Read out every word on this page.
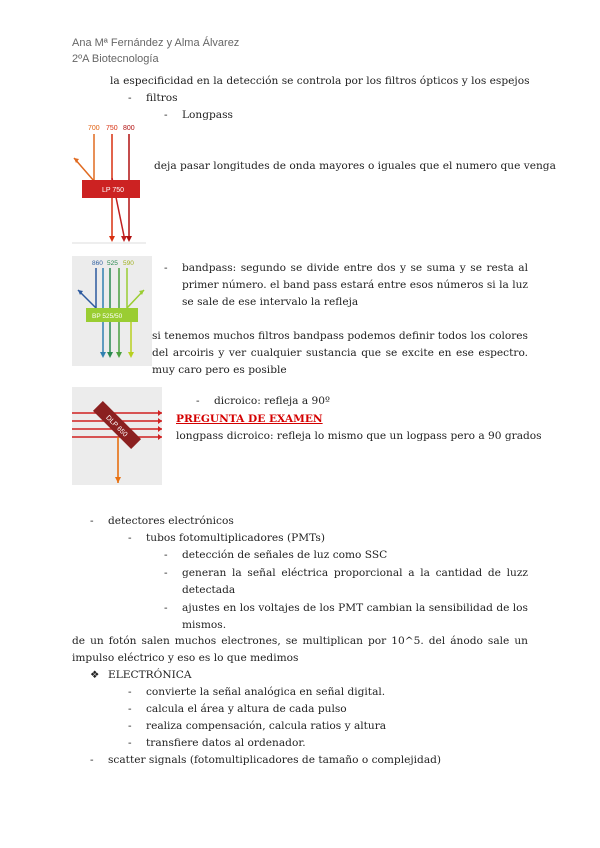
Ana Mª Fernández y Alma Álvarez
2ºA Biotecnología
la especificidad en la detección se controla por los filtros ópticos y los espejos
- filtros
- Longpass
700 750 800
LP 750
deja pasar longitudes de onda mayores o iguales que el numero que venga
860 525 590
BP 525/50
- bandpass: segundo se divide entre dos y se suma y se resta al primer número. el band pass estará entre esos números si la luz se sale de ese intervalo la refleja
si tenemos muchos filtros bandpass podemos definir todos los colores del arcoiris y ver cualquier sustancia que se excite en ese espectro. muy caro pero es posible
DLP 650
- dicroico: refleja a 90º
PREGUNTA DE EXAMEN
longpass dicroico: refleja lo mismo que un logpass pero a 90 grados
- detectores electrónicos
- tubos fotomultiplicadores (PMTs)
- detección de señales de luz como SSC
- generan la señal eléctrica proporcional a la cantidad de luzz detectada
- ajustes en los voltajes de los PMT cambian la sensibilidad de los mismos.
de un fotón salen muchos electrones, se multiplican por 10^5. del ánodo sale un impulso eléctrico y eso es lo que medimos
❖ ELECTRÓNICA
- convierte la señal analógica en señal digital.
- calcula el área y altura de cada pulso
- realiza compensación, calcula ratios y altura
- transfiere datos al ordenador.
- scatter signals (fotomultiplicadores de tamaño o complejidad)
